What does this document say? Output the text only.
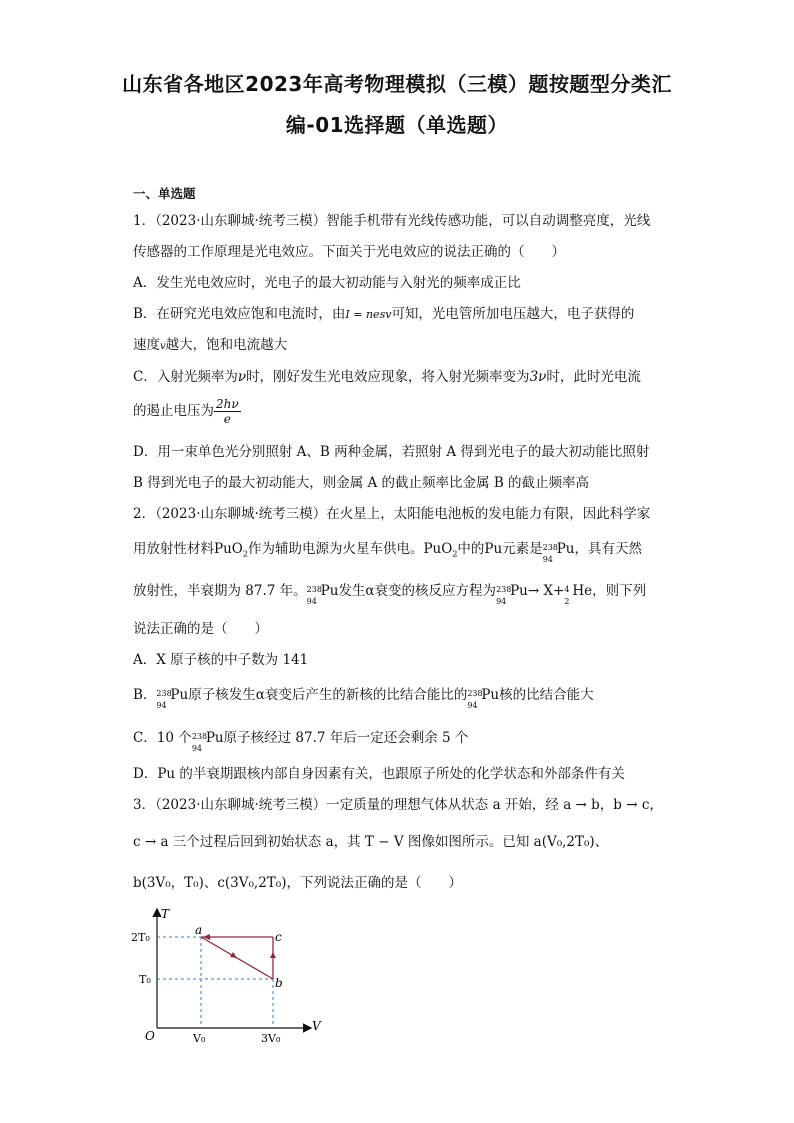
山东省各地区2023年高考物理模拟（三模）题按题型分类汇
编-01选择题（单选题）
一、单选题
1．（2023·山东聊城·统考三模）智能手机带有光线传感功能，可以自动调整亮度，光线
传感器的工作原理是光电效应。下面关于光电效应的说法正确的（　　）
A．发生光电效应时，光电子的最大初动能与入射光的频率成正比
B．在研究光电效应饱和电流时，由I = nesv可知，光电管所加电压越大，电子获得的
速度v越大，饱和电流越大
C．入射光频率为ν时，刚好发生光电效应现象，将入射光频率变为3ν时，此时光电流
的遏止电压为 $\frac{2h\nu}{e}$
D．用一束单色光分别照射 A、B 两种金属，若照射 A 得到光电子的最大初动能比照射
B 得到光电子的最大初动能大，则金属 A 的截止频率比金属 B 的截止频率高
2．（2023·山东聊城·统考三模）在火星上，太阳能电池板的发电能力有限，因此科学家
用放射性材料PuO$_2$作为辅助电源为火星车供电。PuO$_2$中的Pu元素是 238
94
Pu，具有天然
放射性，半衰期为 87.7 年。 238
94
Pu发生α衰变的核反应方程为 238
94
Pu→ X+ 4
2
He，则下列
说法正确的是（　　）
A．X 原子核的中子数为 141
B． 238
94
Pu原子核发生α衰变后产生的新核的比结合能比的 238
94
Pu核的比结合能大
C．10 个 238
94
Pu原子核经过 87.7 年后一定还会剩余 5 个
D．Pu 的半衰期跟核内部自身因素有关，也跟原子所处的化学状态和外部条件有关
3．（2023·山东聊城·统考三模）一定质量的理想气体从状态 a 开始，经 a → b，b → c，
c → a 三个过程后回到初始状态 a，其 T − V 图像如图所示。已知 a(V₀,2T₀)、
b(3V₀，T₀)、c(3V₀,2T₀)，下列说法正确的是（　　）
T
V
O
2T₀
T₀
V₀	3V₀
a
b
c
